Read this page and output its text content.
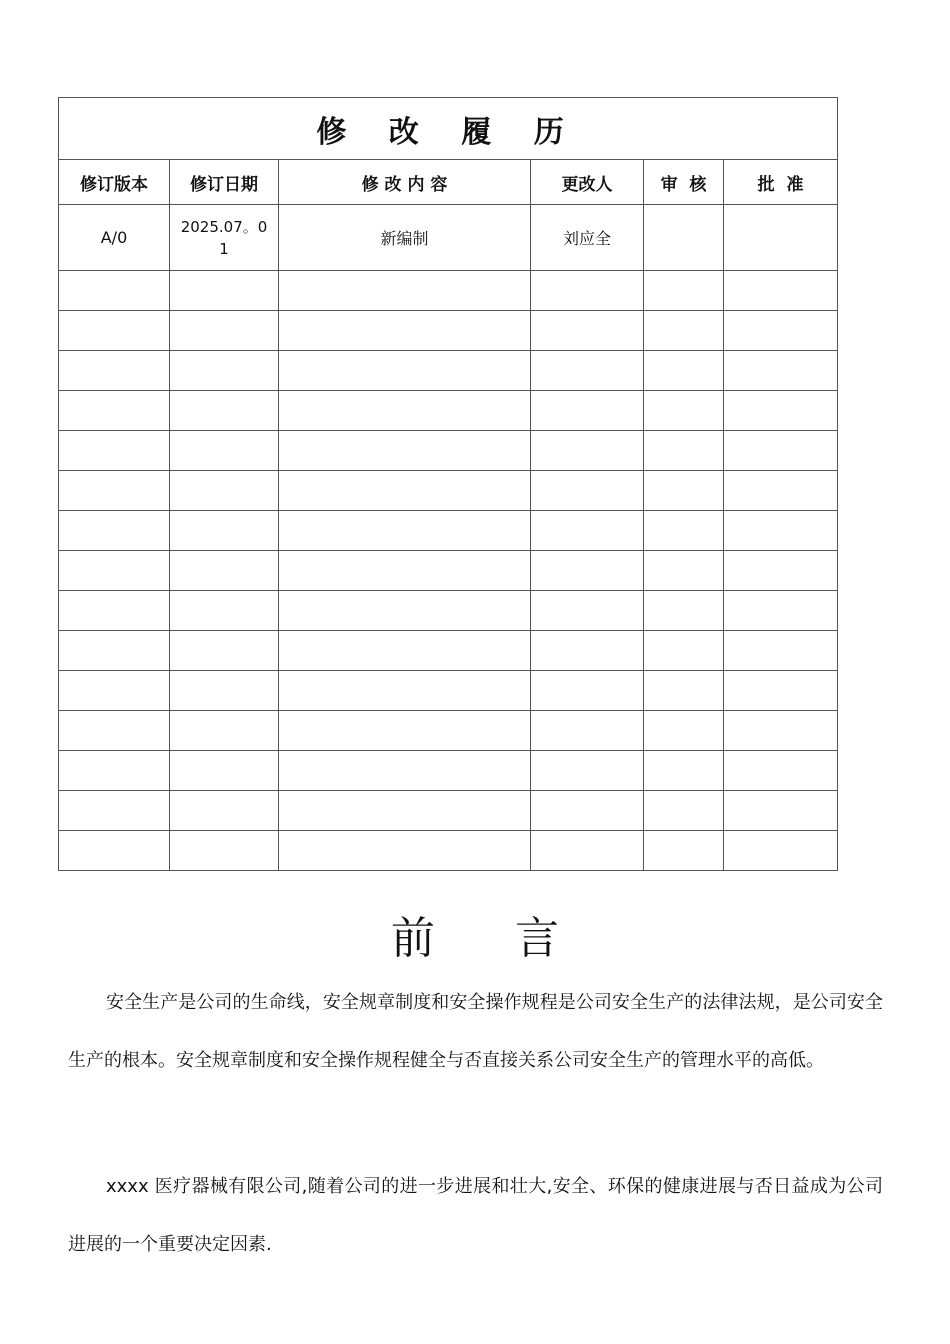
修 改 履 历					
修订版本	修订日期	修 改 内 容	更改人	审  核	批  准
A/0	2025.07。01	新编制	刘应全		

前言

安全生产是公司的生命线，安全规章制度和安全操作规程是公司安全生产的法律法规，是公司安全生产的根本。安全规章制度和安全操作规程健全与否直接关系公司安全生产的管理水平的高低。

xxxx 医疗器械有限公司,随着公司的进一步进展和壮大,安全、环保的健康进展与否日益成为公司进展的一个重要决定因素.
